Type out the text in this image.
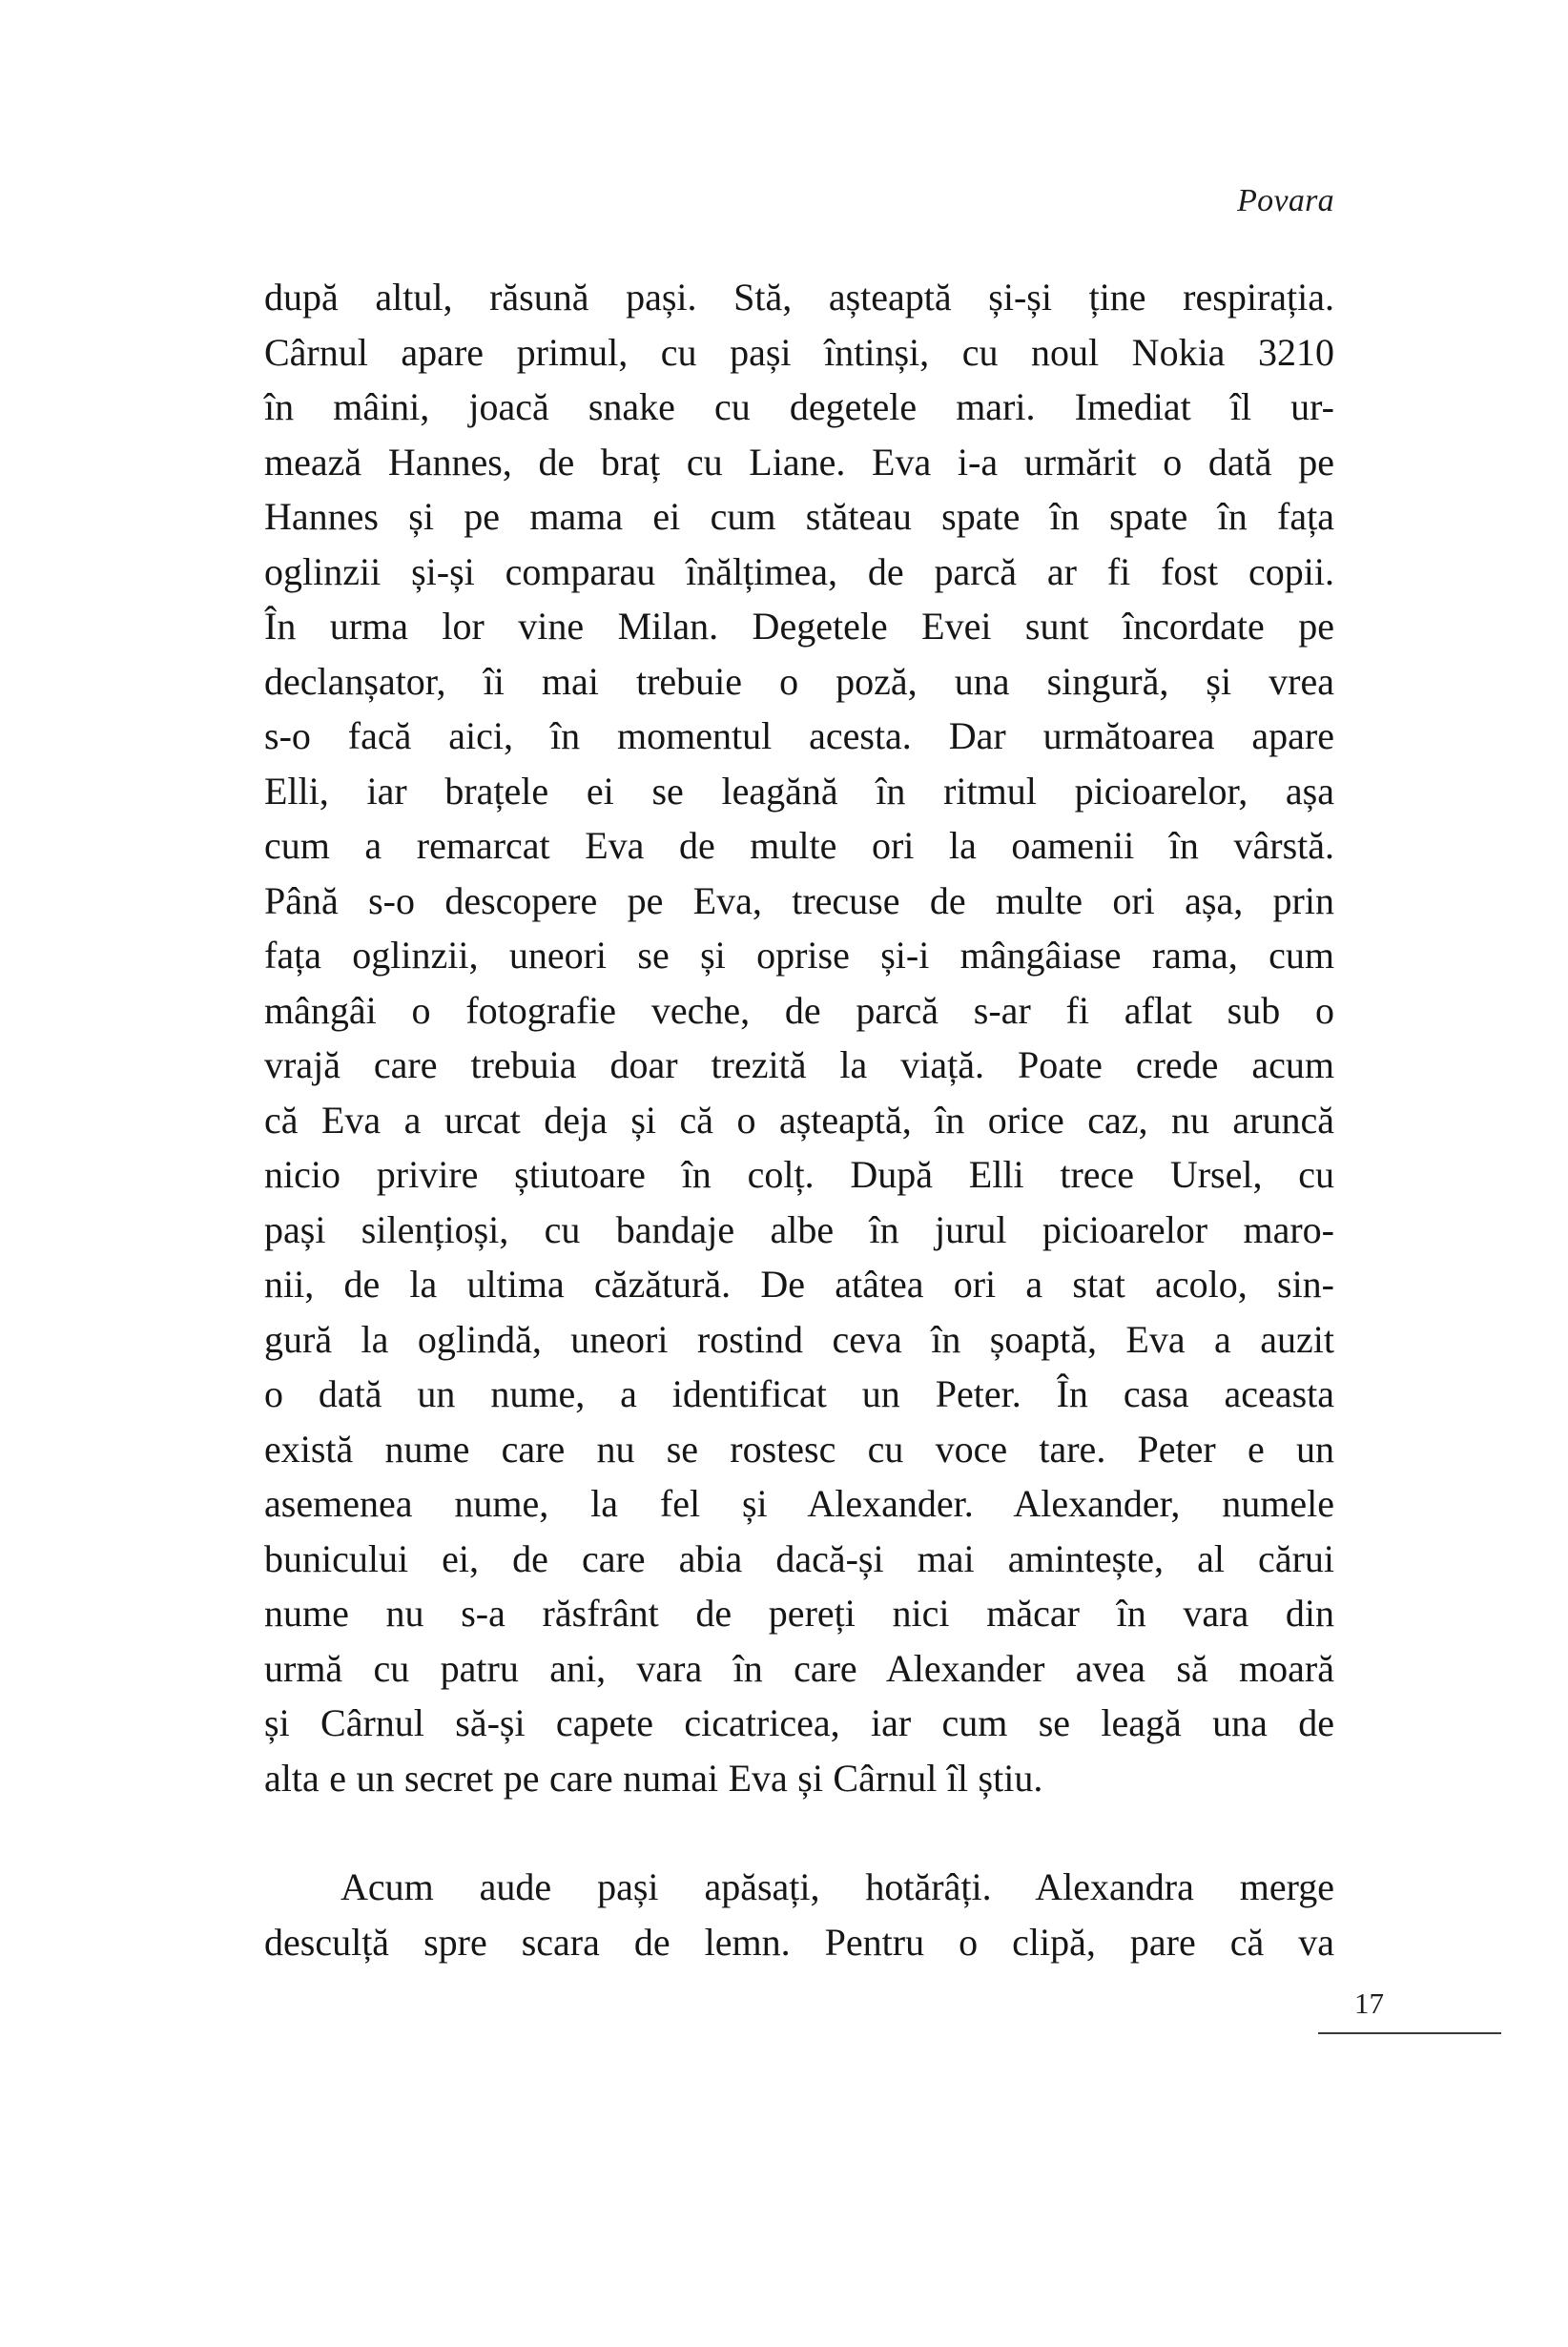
Povara
după altul, răsună pași. Stă, așteaptă și-și ține respirația.
Cârnul apare primul, cu pași întinși, cu noul Nokia 3210
în mâini, joacă snake cu degetele mari. Imediat îl ur-
mează Hannes, de braț cu Liane. Eva i-a urmărit o dată pe
Hannes și pe mama ei cum stăteau spate în spate în fața
oglinzii și-și comparau înălțimea, de parcă ar fi fost copii.
În urma lor vine Milan. Degetele Evei sunt încordate pe
declanșator, îi mai trebuie o poză, una singură, și vrea
s-o facă aici, în momentul acesta. Dar următoarea apare
Elli, iar brațele ei se leagănă în ritmul picioarelor, așa
cum a remarcat Eva de multe ori la oamenii în vârstă.
Până s-o descopere pe Eva, trecuse de multe ori așa, prin
fața oglinzii, uneori se și oprise și-i mângâiase rama, cum
mângâi o fotografie veche, de parcă s-ar fi aflat sub o
vrajă care trebuia doar trezită la viață. Poate crede acum
că Eva a urcat deja și că o așteaptă, în orice caz, nu aruncă
nicio privire știutoare în colț. După Elli trece Ursel, cu
pași silențioși, cu bandaje albe în jurul picioarelor maro-
nii, de la ultima căzătură. De atâtea ori a stat acolo, sin-
gură la oglindă, uneori rostind ceva în șoaptă, Eva a auzit
o dată un nume, a identificat un Peter. În casa aceasta
există nume care nu se rostesc cu voce tare. Peter e un
asemenea nume, la fel și Alexander. Alexander, numele
bunicului ei, de care abia dacă-și mai amintește, al cărui
nume nu s-a răsfrânt de pereți nici măcar în vara din
urmă cu patru ani, vara în care Alexander avea să moară
și Cârnul să-și capete cicatricea, iar cum se leagă una de
alta e un secret pe care numai Eva și Cârnul îl știu.
Acum aude pași apăsați, hotărâți. Alexandra merge
desculță spre scara de lemn. Pentru o clipă, pare că va
17
